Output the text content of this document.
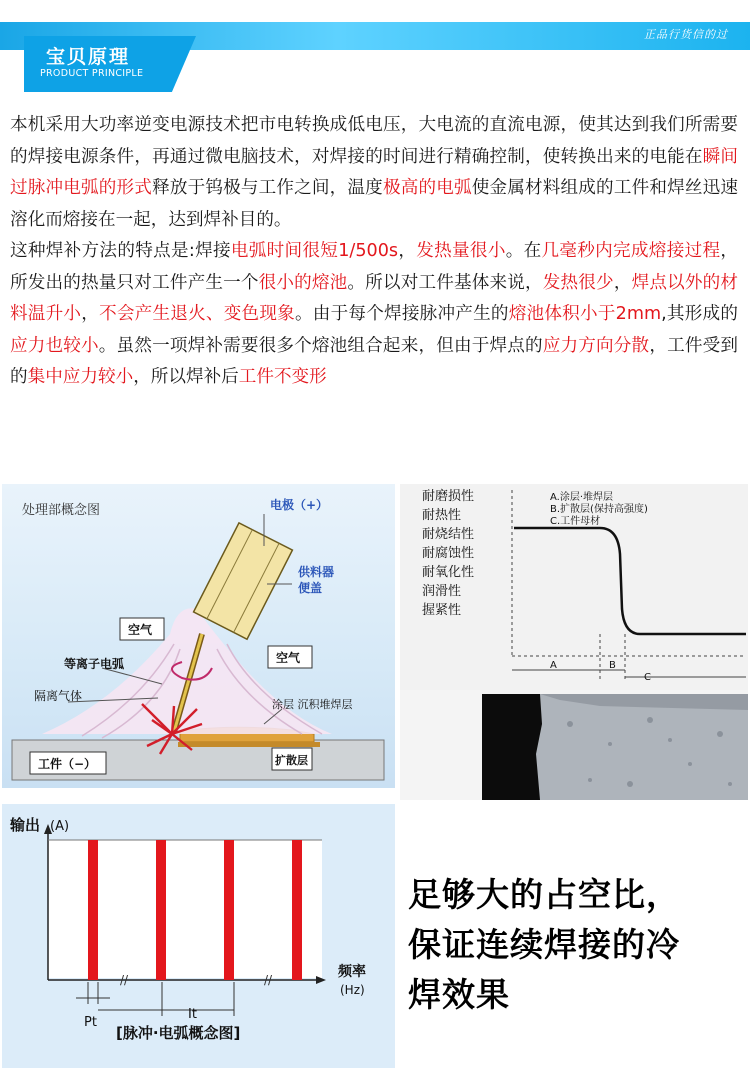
宝贝原理
PRODUCT PRINCIPLE
正品行货信的过

本机采用大功率逆变电源技术把市电转换成低电压，大电流的直流电源，使其达到我们所需要的焊接电源条件，再通过微电脑技术，对焊接的时间进行精确控制，使转换出来的电能在瞬间过脉冲电弧的形式释放于钨极与工作之间，温度极高的电弧使金属材料组成的工件和焊丝迅速溶化而熔接在一起，达到焊补目的。

这种焊补方法的特点是:焊接电弧时间很短1/500s，发热量很小。在几毫秒内完成熔接过程，所发出的热量只对工件产生一个很小的熔池。所以对工件基体来说，发热很少，焊点以外的材料温升小，不会产生退火、变色现象。由于每个焊接脉冲产生的熔池体积小于2mm,其形成的应力也较小。虽然一项焊补需要很多个熔池组合起来，但由于焊点的应力方向分散，工件受到的集中应力较小，所以焊补后工件不变形

处理部概念图	电极（+）
供料器
便盖
空气
空气
等离子电弧
隔离气体
涂层 沉积堆焊层
工件（−）	扩散层
耐磨损性
耐热性
耐烧结性
耐腐蚀性
耐氧化性
润滑性
握紧性
A.涂层·堆焊层
B.扩散层(保持高强度)
C.工件母材
A	B
C
//	//
输出 (A)
频率
(Hz)
Pt
It
[脉冲·电弧概念图]
足够大的占空比，
保证连续焊接的冷
焊效果
